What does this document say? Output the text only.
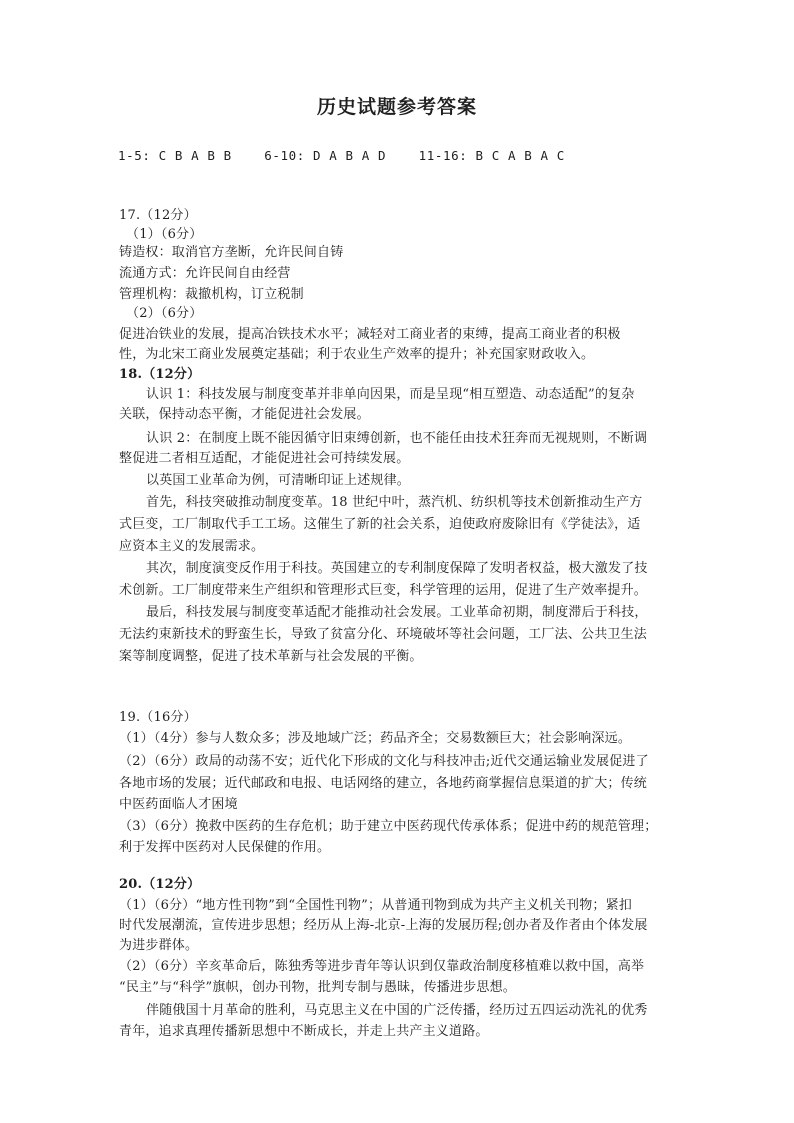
历史试题参考答案
1-5: C B A B B    6-10: D A B A D    11-16: B C A B A C
17.（12分）
（1）（6分）
铸造权：取消官方垄断，允许民间自铸
流通方式：允许民间自由经营
管理机构：裁撤机构，订立税制
（2）（6分）
促进冶铁业的发展，提高冶铁技术水平；减轻对工商业者的束缚，提高工商业者的积极
性，为北宋工商业发展奠定基础；利于农业生产效率的提升；补充国家财政收入。
18.（12分）
认识 1：科技发展与制度变革并非单向因果，而是呈现“相互塑造、动态适配”的复杂
关联，保持动态平衡，才能促进社会发展。
认识 2：在制度上既不能因循守旧束缚创新，也不能任由技术狂奔而无视规则，不断调
整促进二者相互适配，才能促进社会可持续发展。
以英国工业革命为例，可清晰印证上述规律。
首先，科技突破推动制度变革。18 世纪中叶，蒸汽机、纺织机等技术创新推动生产方
式巨变，工厂制取代手工工场。这催生了新的社会关系，迫使政府废除旧有《学徒法》，适
应资本主义的发展需求。
其次，制度演变反作用于科技。英国建立的专利制度保障了发明者权益，极大激发了技
术创新。工厂制度带来生产组织和管理形式巨变，科学管理的运用，促进了生产效率提升。
最后，科技发展与制度变革适配才能推动社会发展。工业革命初期，制度滞后于科技，
无法约束新技术的野蛮生长，导致了贫富分化、环境破坏等社会问题，工厂法、公共卫生法
案等制度调整，促进了技术革新与社会发展的平衡。
19.（16分）
（1）（4分）参与人数众多；涉及地域广泛；药品齐全；交易数额巨大；社会影响深远。
（2）（6分）政局的动荡不安；近代化下形成的文化与科技冲击;近代交通运输业发展促进了
各地市场的发展；近代邮政和电报、电话网络的建立，各地药商掌握信息渠道的扩大；传统
中医药面临人才困境
（3）（6分）挽救中医药的生存危机；助于建立中医药现代传承体系；促进中药的规范管理；
利于发挥中医药对人民保健的作用。
20.（12分）
（1）（6分）“地方性刊物”到“全国性刊物”；从普通刊物到成为共产主义机关刊物；紧扣
时代发展潮流，宣传进步思想；经历从上海-北京-上海的发展历程;创办者及作者由个体发展
为进步群体。
（2）（6分）辛亥革命后，陈独秀等进步青年等认识到仅靠政治制度移植难以救中国，高举
“民主”与“科学”旗帜，创办刊物，批判专制与愚昧，传播进步思想。
伴随俄国十月革命的胜利，马克思主义在中国的广泛传播，经历过五四运动洗礼的优秀
青年，追求真理传播新思想中不断成长，并走上共产主义道路。
